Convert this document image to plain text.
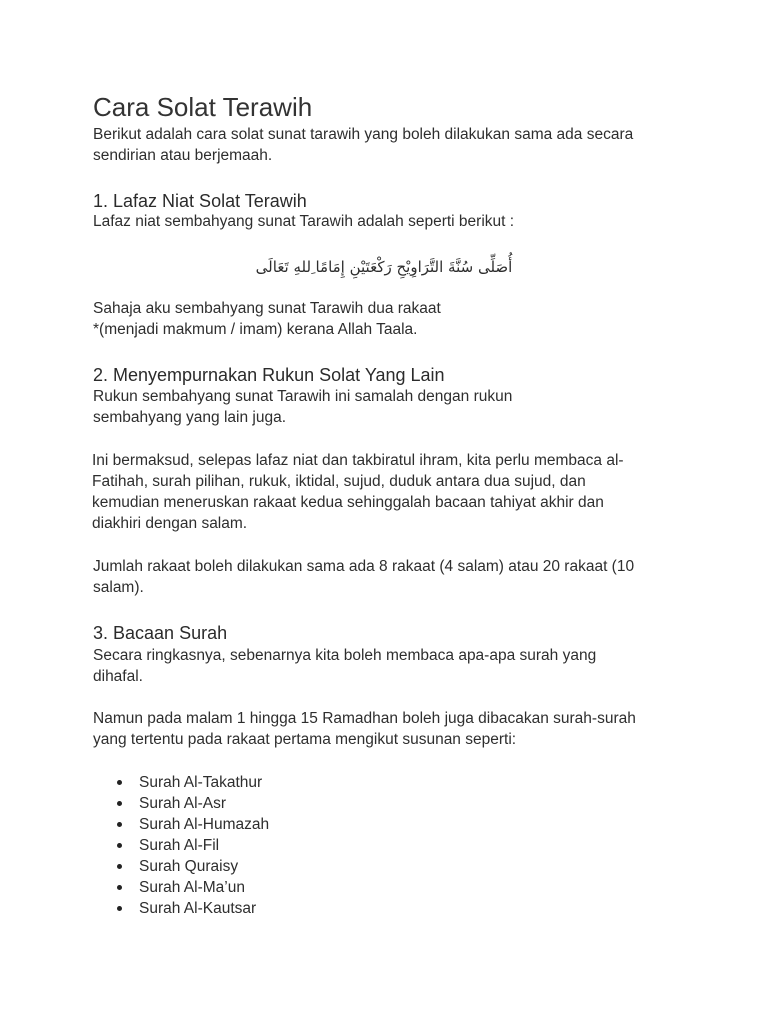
Cara Solat Terawih
Berikut adalah cara solat sunat tarawih yang boleh dilakukan sama ada secara
sendirian atau berjemaah.
1. Lafaz Niat Solat Terawih
Lafaz niat sembahyang sunat Tarawih adalah seperti berikut :
أُصَلِّى سُنَّةَ التَّرَاوِيْحِ رَكْعَتَيْنِ إِمَامًا ِللهِ تَعَالَى
Sahaja aku sembahyang sunat Tarawih dua rakaat
*(menjadi makmum / imam) kerana Allah Taala.
2. Menyempurnakan Rukun Solat Yang Lain
Rukun sembahyang sunat Tarawih ini samalah dengan rukun
sembahyang yang lain juga.
Ini bermaksud, selepas lafaz niat dan takbiratul ihram, kita perlu membaca al-
Fatihah, surah pilihan, rukuk, iktidal, sujud, duduk antara dua sujud, dan
kemudian meneruskan rakaat kedua sehinggalah bacaan tahiyat akhir dan
diakhiri dengan salam.
Jumlah rakaat boleh dilakukan sama ada 8 rakaat (4 salam) atau 20 rakaat (10
salam).
3. Bacaan Surah
Secara ringkasnya, sebenarnya kita boleh membaca apa-apa surah yang
dihafal.
Namun pada malam 1 hingga 15 Ramadhan boleh juga dibacakan surah-surah
yang tertentu pada rakaat pertama mengikut susunan seperti:
Surah Al-Takathur
Surah Al-Asr
Surah Al-Humazah
Surah Al-Fil
Surah Quraisy
Surah Al-Ma’un
Surah Al-Kautsar
